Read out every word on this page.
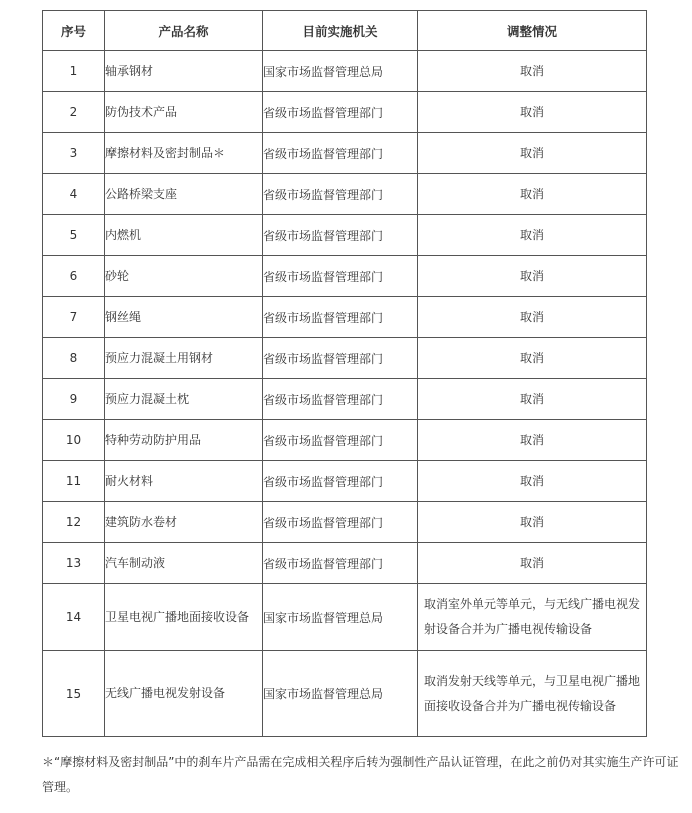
序号	产品名称	目前实施机关	调整情况
1	轴承钢材	国家市场监督管理总局	取消
2	防伪技术产品	省级市场监督管理部门	取消
3	摩擦材料及密封制品＊	省级市场监督管理部门	取消
4	公路桥梁支座	省级市场监督管理部门	取消
5	内燃机	省级市场监督管理部门	取消
6	砂轮	省级市场监督管理部门	取消
7	钢丝绳	省级市场监督管理部门	取消
8	预应力混凝土用钢材	省级市场监督管理部门	取消
9	预应力混凝土枕	省级市场监督管理部门	取消
10	特种劳动防护用品	省级市场监督管理部门	取消
11	耐火材料	省级市场监督管理部门	取消
12	建筑防水卷材	省级市场监督管理部门	取消
13	汽车制动液	省级市场监督管理部门	取消
14	卫星电视广播地面接收设备	国家市场监督管理总局	取消室外单元等单元，与无线广播电视发射设备合并为广播电视传输设备
15	无线广播电视发射设备	国家市场监督管理总局	取消发射天线等单元，与卫星电视广播地面接收设备合并为广播电视传输设备
＊“摩擦材料及密封制品”中的刹车片产品需在完成相关程序后转为强制性产品认证管理，在此之前仍对其实施生产许可证管理。
